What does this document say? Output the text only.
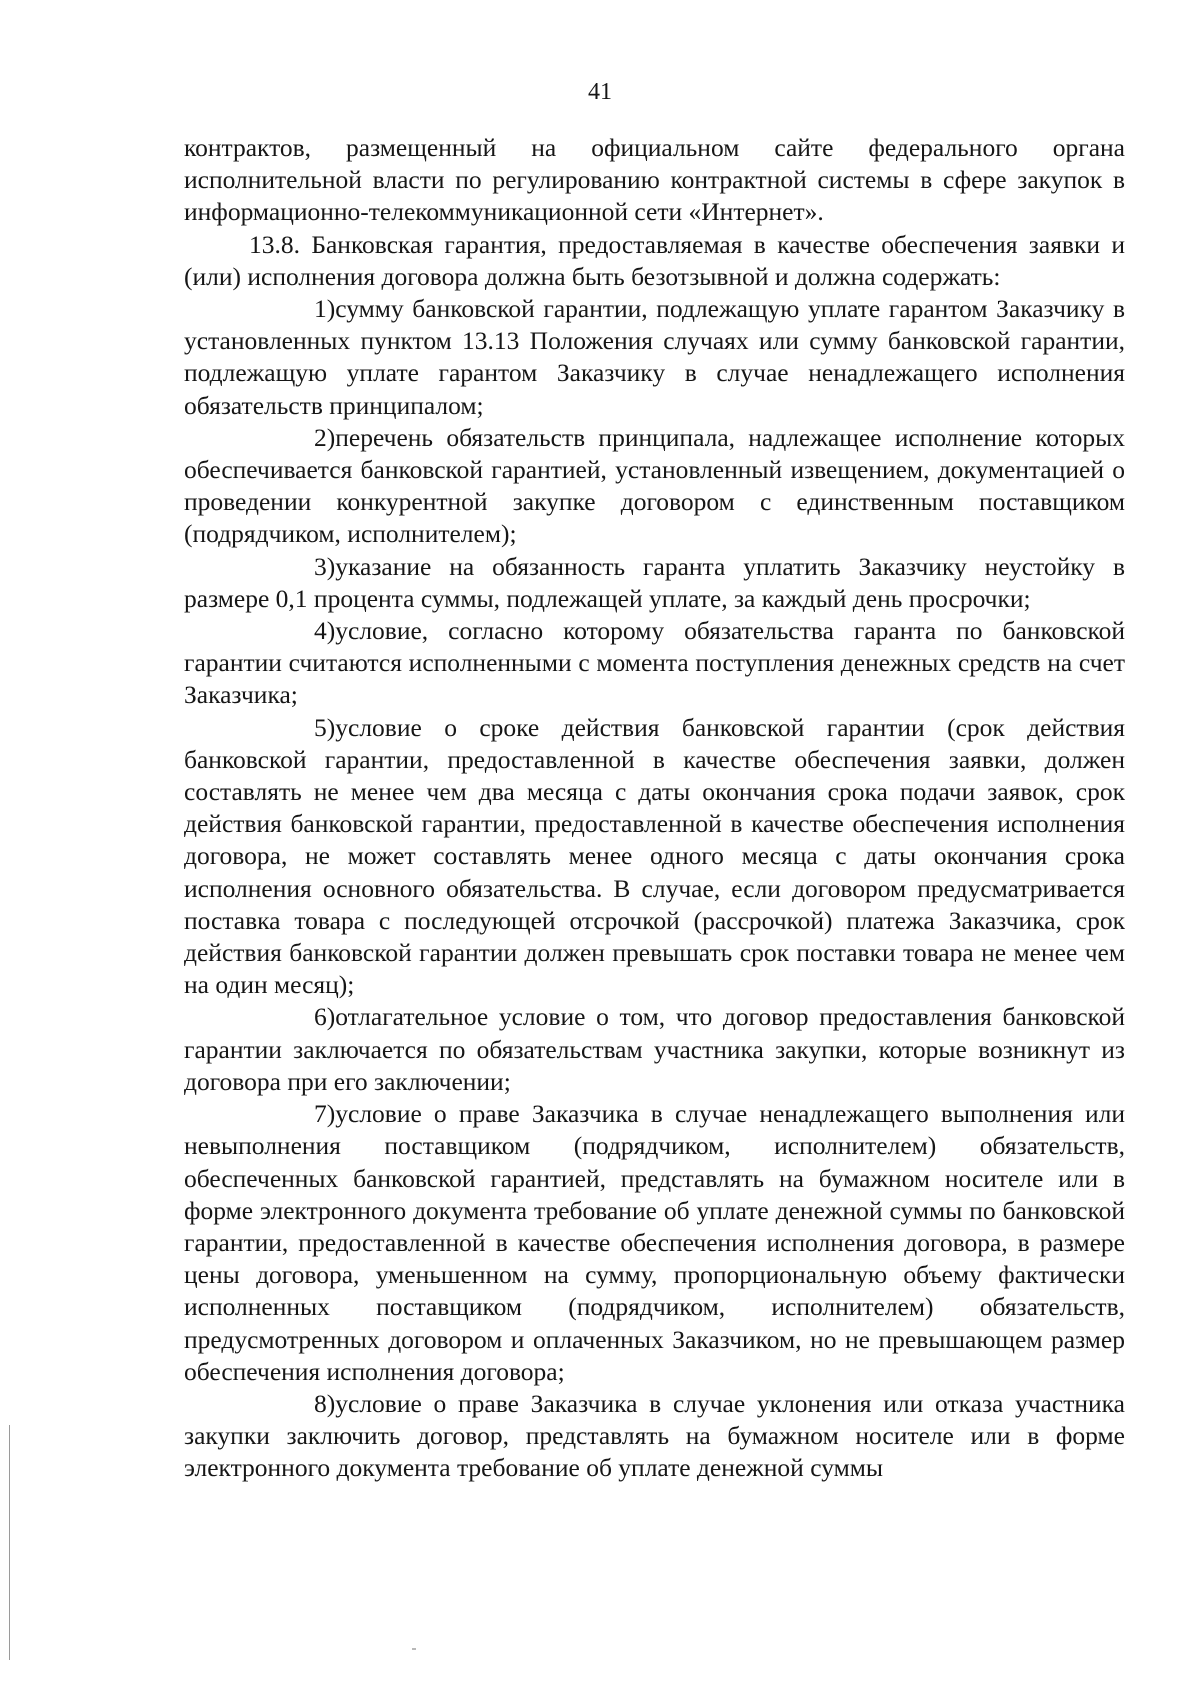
41

контрактов, размещенный на официальном сайте федерального органа исполнительной власти по регулированию контрактной системы в сфере закупок в информационно-телекоммуникационной сети «Интернет».

13.8. Банковская гарантия, предоставляемая в качестве обеспечения заявки и (или) исполнения договора должна быть безотзывной и должна содержать:

1)сумму банковской гарантии, подлежащую уплате гарантом Заказчику в установленных пунктом 13.13 Положения случаях или сумму банковской гарантии, подлежащую уплате гарантом Заказчику в случае ненадлежащего исполнения обязательств принципалом;

2)перечень обязательств принципала, надлежащее исполнение которых обеспечивается банковской гарантией, установленный извещением, документацией о проведении конкурентной закупке договором с единственным поставщиком (подрядчиком, исполнителем);

3)указание на обязанность гаранта уплатить Заказчику неустойку в размере 0,1 процента суммы, подлежащей уплате, за каждый день просрочки;

4)условие, согласно которому обязательства гаранта по банковской гарантии считаются исполненными с момента поступления денежных средств на счет Заказчика;

5)условие о сроке действия банковской гарантии (срок действия банковской гарантии, предоставленной в качестве обеспечения заявки, должен составлять не менее чем два месяца с даты окончания срока подачи заявок, срок действия банковской гарантии, предоставленной в качестве обеспечения исполнения договора, не может составлять менее одного месяца с даты окончания срока исполнения основного обязательства. В случае, если договором предусматривается поставка товара с последующей отсрочкой (рассрочкой) платежа Заказчика, срок действия банковской гарантии должен превышать срок поставки товара не менее чем на один месяц);

6)отлагательное условие о том, что договор предоставления банковской гарантии заключается по обязательствам участника закупки, которые возникнут из договора при его заключении;

7)условие о праве Заказчика в случае ненадлежащего выполнения или невыполнения поставщиком (подрядчиком, исполнителем) обязательств, обеспеченных банковской гарантией, представлять на бумажном носителе или в форме электронного документа требование об уплате денежной суммы по банковской гарантии, предоставленной в качестве обеспечения исполнения договора, в размере цены договора, уменьшенном на сумму, пропорциональную объему фактически исполненных поставщиком (подрядчиком, исполнителем) обязательств, предусмотренных договором и оплаченных Заказчиком, но не превышающем размер обеспечения исполнения договора;

8)условие о праве Заказчика в случае уклонения или отказа участника закупки заключить договор, представлять на бумажном носителе или в форме электронного документа требование об уплате денежной суммы
